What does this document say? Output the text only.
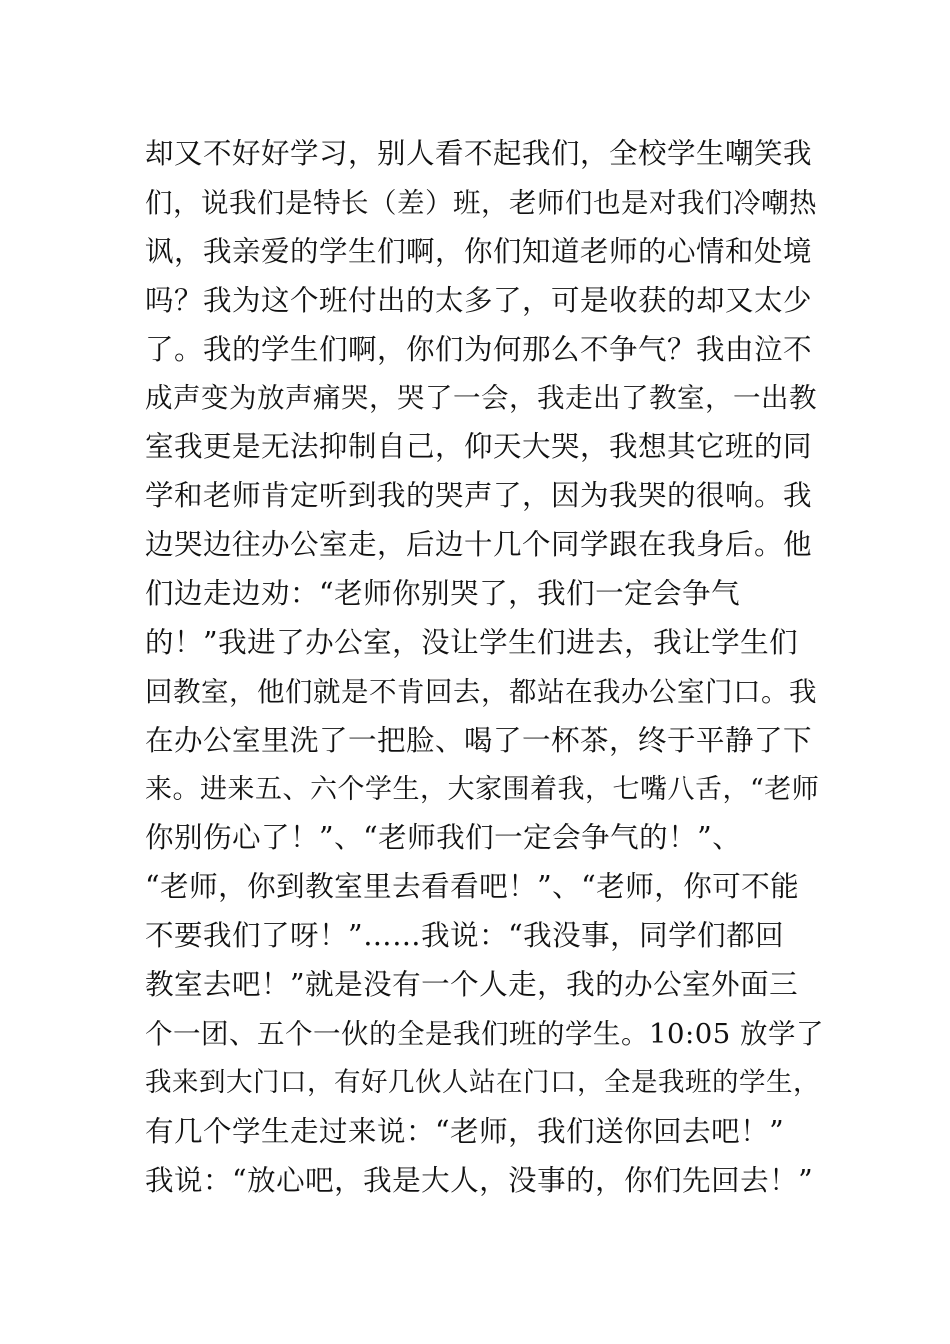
却又不好好学习，别人看不起我们，全校学生嘲笑我
们，说我们是特长（差）班，老师们也是对我们冷嘲热
讽，我亲爱的学生们啊，你们知道老师的心情和处境
吗？我为这个班付出的太多了，可是收获的却又太少
了。我的学生们啊，你们为何那么不争气？我由泣不
成声变为放声痛哭，哭了一会，我走出了教室，一出教
室我更是无法抑制自己，仰天大哭，我想其它班的同
学和老师肯定听到我的哭声了，因为我哭的很响。我
边哭边往办公室走，后边十几个同学跟在我身后。他
们边走边劝：“老师你别哭了，我们一定会争气
的！”我进了办公室，没让学生们进去，我让学生们
回教室，他们就是不肯回去，都站在我办公室门口。我
在办公室里洗了一把脸、喝了一杯茶，终于平静了下
来。进来五、六个学生，大家围着我，七嘴八舌，“老师
你别伤心了！”、“老师我们一定会争气的！”、
“老师，你到教室里去看看吧！”、“老师，你可不能
不要我们了呀！”……我说：“我没事，同学们都回
教室去吧！”就是没有一个人走，我的办公室外面三
个一团、五个一伙的全是我们班的学生。10:05 放学了
我来到大门口，有好几伙人站在门口，全是我班的学生，
有几个学生走过来说：“老师，我们送你回去吧！”
我说：“放心吧，我是大人，没事的，你们先回去！”
